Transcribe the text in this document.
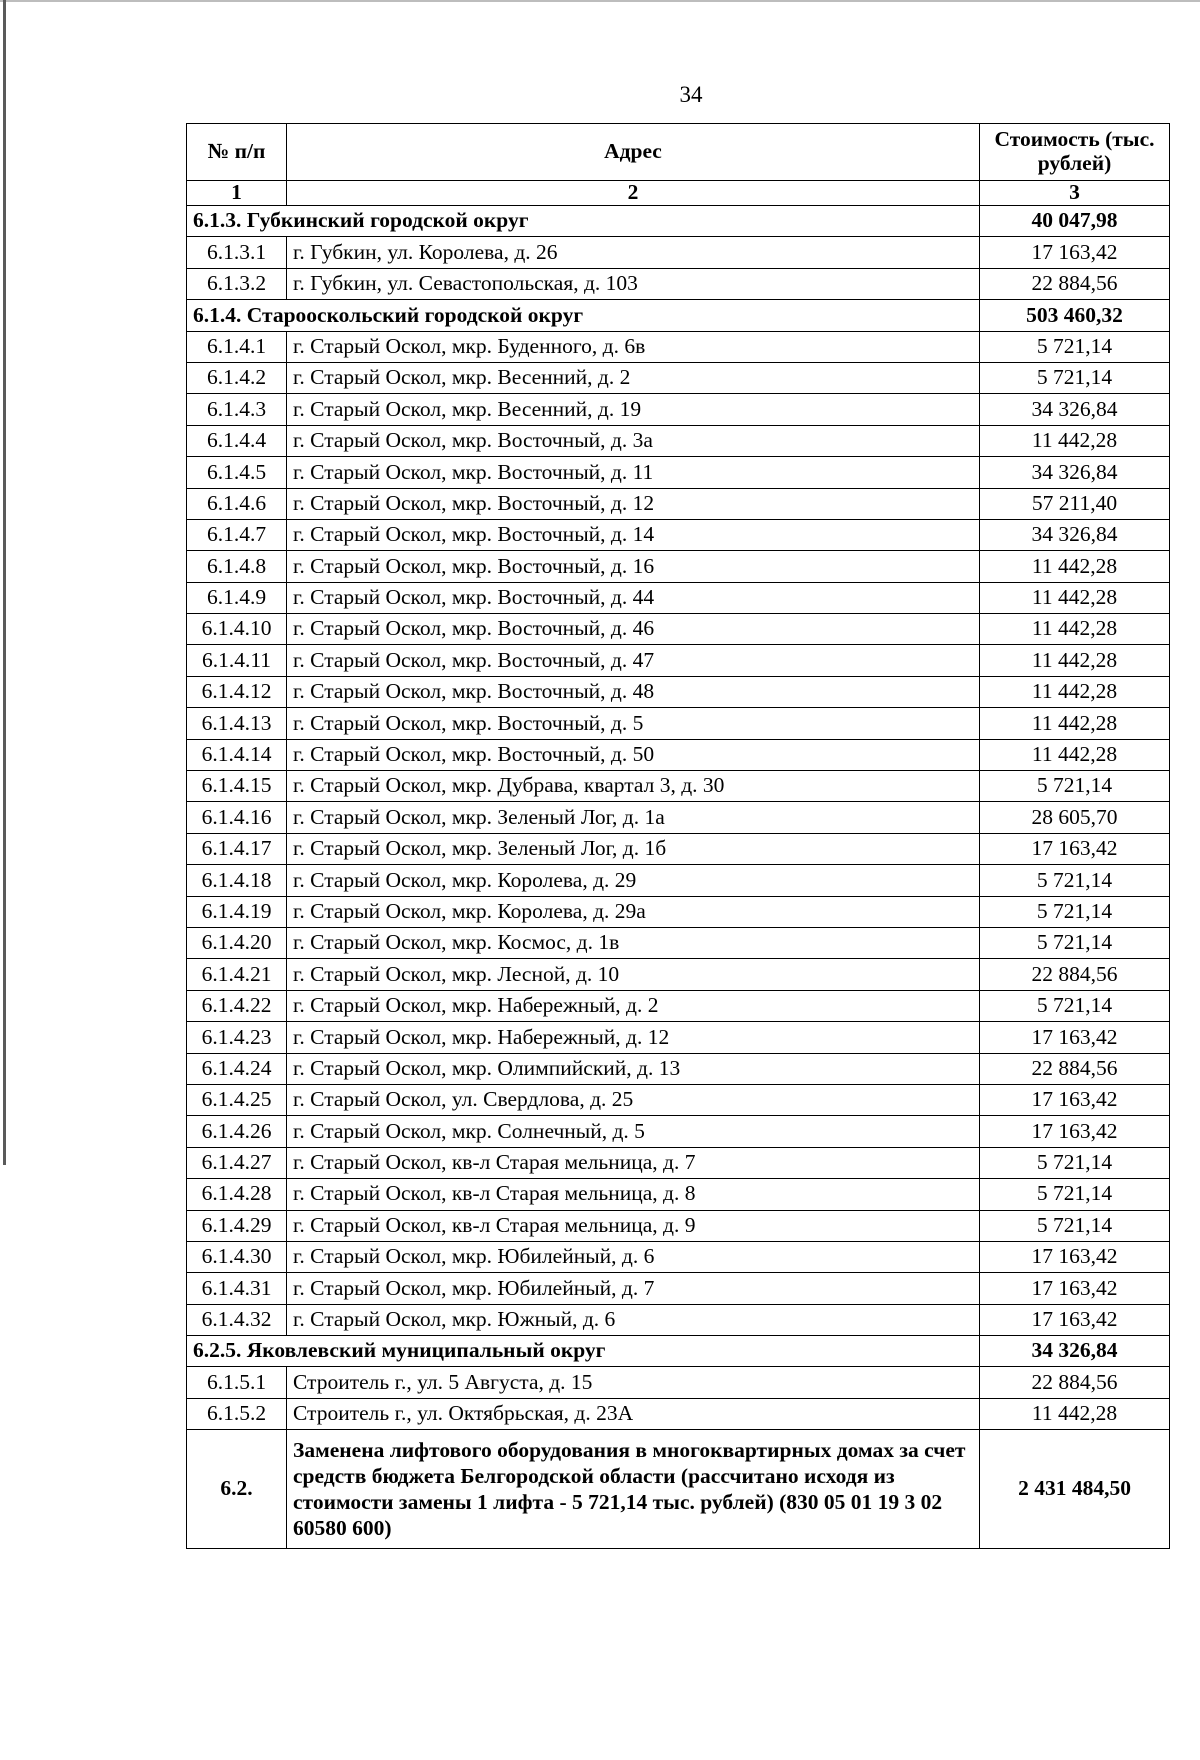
34
№ п/п	Адрес	Стоимость (тыс. рублей)
1	2	3
6.1.3. Губкинский городской округ		40 047,98
6.1.3.1	г. Губкин, ул. Королева, д. 26	17 163,42
6.1.3.2	г. Губкин, ул. Севастопольская, д. 103	22 884,56
6.1.4. Старооскольский городской округ		503 460,32
6.1.4.1	г. Старый Оскол, мкр. Буденного, д. 6в	5 721,14
6.1.4.2	г. Старый Оскол, мкр. Весенний, д. 2	5 721,14
6.1.4.3	г. Старый Оскол, мкр. Весенний, д. 19	34 326,84
6.1.4.4	г. Старый Оскол, мкр. Восточный, д. 3а	11 442,28
6.1.4.5	г. Старый Оскол, мкр. Восточный, д. 11	34 326,84
6.1.4.6	г. Старый Оскол, мкр. Восточный, д. 12	57 211,40
6.1.4.7	г. Старый Оскол, мкр. Восточный, д. 14	34 326,84
6.1.4.8	г. Старый Оскол, мкр. Восточный, д. 16	11 442,28
6.1.4.9	г. Старый Оскол, мкр. Восточный, д. 44	11 442,28
6.1.4.10	г. Старый Оскол, мкр. Восточный, д. 46	11 442,28
6.1.4.11	г. Старый Оскол, мкр. Восточный, д. 47	11 442,28
6.1.4.12	г. Старый Оскол, мкр. Восточный, д. 48	11 442,28
6.1.4.13	г. Старый Оскол, мкр. Восточный, д. 5	11 442,28
6.1.4.14	г. Старый Оскол, мкр. Восточный, д. 50	11 442,28
6.1.4.15	г. Старый Оскол, мкр. Дубрава, квартал 3, д. 30	5 721,14
6.1.4.16	г. Старый Оскол, мкр. Зеленый Лог, д. 1а	28 605,70
6.1.4.17	г. Старый Оскол, мкр. Зеленый Лог, д. 1б	17 163,42
6.1.4.18	г. Старый Оскол, мкр. Королева, д. 29	5 721,14
6.1.4.19	г. Старый Оскол, мкр. Королева, д. 29а	5 721,14
6.1.4.20	г. Старый Оскол, мкр. Космос, д. 1в	5 721,14
6.1.4.21	г. Старый Оскол, мкр. Лесной, д. 10	22 884,56
6.1.4.22	г. Старый Оскол, мкр. Набережный, д. 2	5 721,14
6.1.4.23	г. Старый Оскол, мкр. Набережный, д. 12	17 163,42
6.1.4.24	г. Старый Оскол, мкр. Олимпийский, д. 13	22 884,56
6.1.4.25	г. Старый Оскол, ул. Свердлова, д. 25	17 163,42
6.1.4.26	г. Старый Оскол, мкр. Солнечный, д. 5	17 163,42
6.1.4.27	г. Старый Оскол, кв-л Старая мельница, д. 7	5 721,14
6.1.4.28	г. Старый Оскол, кв-л Старая мельница, д. 8	5 721,14
6.1.4.29	г. Старый Оскол, кв-л Старая мельница, д. 9	5 721,14
6.1.4.30	г. Старый Оскол, мкр. Юбилейный, д. 6	17 163,42
6.1.4.31	г. Старый Оскол, мкр. Юбилейный, д. 7	17 163,42
6.1.4.32	г. Старый Оскол, мкр. Южный, д. 6	17 163,42
6.2.5. Яковлевский муниципальный округ		34 326,84
6.1.5.1	Строитель г., ул. 5 Августа, д. 15	22 884,56
6.1.5.2	Строитель г., ул. Октябрьская, д. 23А	11 442,28
6.2.	Заменена лифтового оборудования в многоквартирных домах за счет средств бюджета Белгородской области (рассчитано исходя из стоимости замены 1 лифта - 5 721,14 тыс. рублей) (830 05 01 19 3 02 60580 600)	2 431 484,50
